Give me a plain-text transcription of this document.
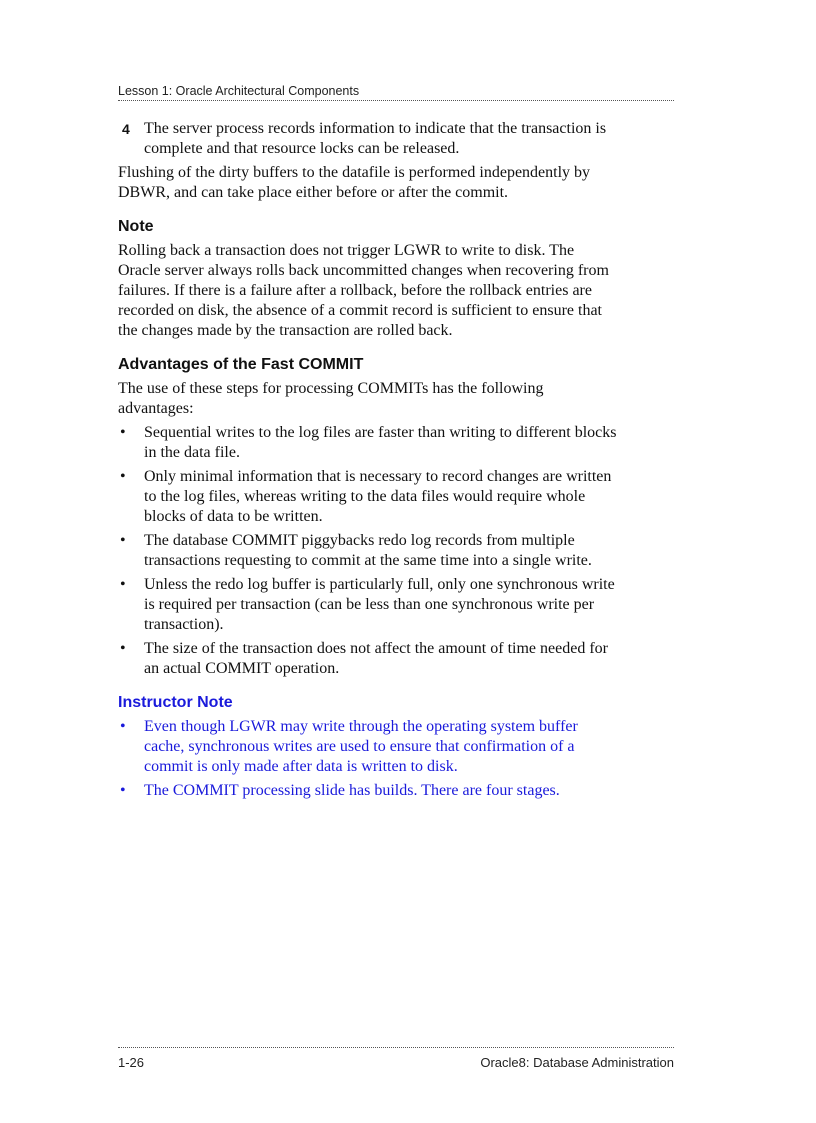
Lesson 1: Oracle Architectural Components
4 The server process records information to indicate that the transaction is complete and that resource locks can be released.

Flushing of the dirty buffers to the datafile is performed independently by DBWR, and can take place either before or after the commit.

Note

Rolling back a transaction does not trigger LGWR to write to disk. The Oracle server always rolls back uncommitted changes when recovering from failures. If there is a failure after a rollback, before the rollback entries are recorded on disk, the absence of a commit record is sufficient to ensure that the changes made by the transaction are rolled back.

Advantages of the Fast COMMIT

The use of these steps for processing COMMITs has the following advantages:

•	Sequential writes to the log files are faster than writing to different blocks in the data file.
•	Only minimal information that is necessary to record changes are written to the log files, whereas writing to the data files would require whole blocks of data to be written.
•	The database COMMIT piggybacks redo log records from multiple transactions requesting to commit at the same time into a single write.
•	Unless the redo log buffer is particularly full, only one synchronous write is required per transaction (can be less than one synchronous write per transaction).
•	The size of the transaction does not affect the amount of time needed for an actual COMMIT operation.
Instructor Note
•	Even though LGWR may write through the operating system buffer cache, synchronous writes are used to ensure that confirmation of a commit is only made after data is written to disk.
•	The COMMIT processing slide has builds. There are four stages.
1-26	Oracle8: Database Administration
